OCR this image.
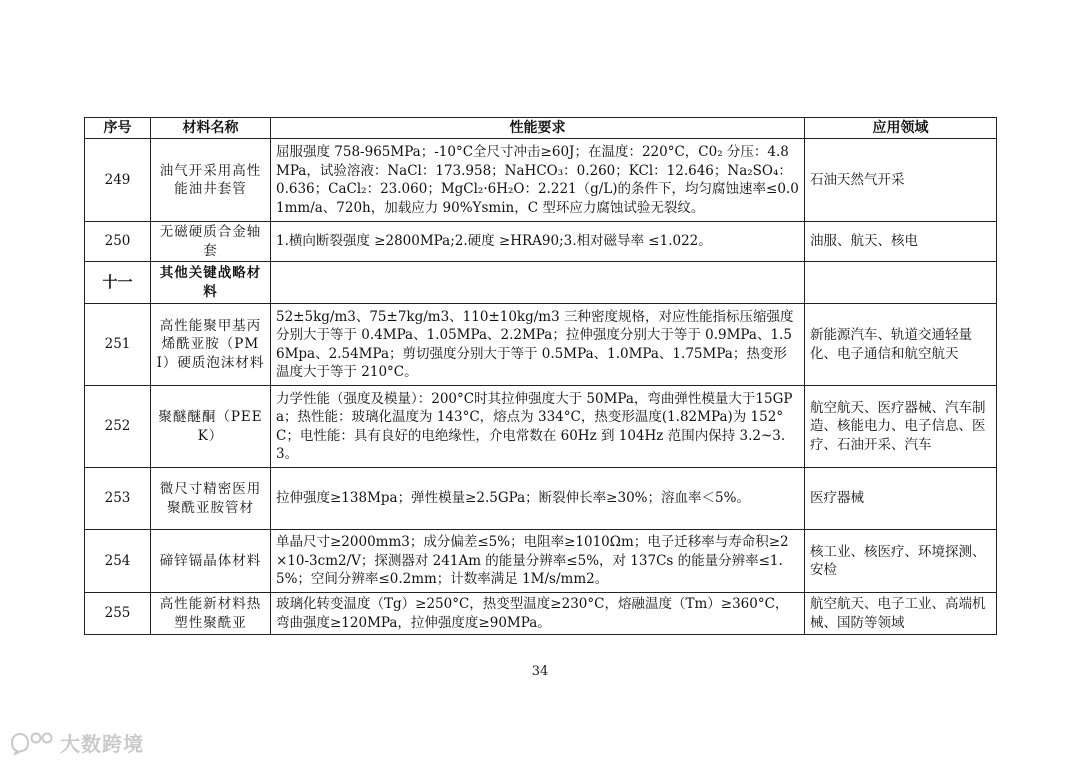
序号	材料名称	性能要求	应用领域
249	油气开采用高性能油井套管	屈服强度 758-965MPa；-10°C全尺寸冲击≥60J；在温度：220°C，C0₂ 分压：4.8MPa，试验溶液：NaCl：173.958；NaHCO₃：0.260；KCl：12.646；Na₂SO₄：0.636；CaCl₂：23.060；MgCl₂·6H₂O：2.221（g/L)的条件下，均匀腐蚀速率≤0.01mm/a、720h，加载应力 90%Ysmin，C 型环应力腐蚀试验无裂纹。	石油天然气开采
250	无磁硬质合金轴套	1.横向断裂强度 ≥2800MPa;2.硬度 ≥HRA90;3.相对磁导率 ≤1.022。	油服、航天、核电
十一	其他关键战略材料		
251	高性能聚甲基丙烯酰亚胺（PMI）硬质泡沫材料	52±5kg/m3、75±7kg/m3、110±10kg/m3 三种密度规格，对应性能指标压缩强度分别大于等于 0.4MPa、1.05MPa、2.2MPa；拉伸强度分别大于等于 0.9MPa、1.56Mpa、2.54MPa；剪切强度分别大于等于 0.5MPa、1.0MPa、1.75MPa；热变形温度大于等于 210°C。	新能源汽车、轨道交通轻量化、电子通信和航空航天
252	聚醚醚酮（PEEK）	力学性能（强度及模量）：200°C时其拉伸强度大于 50MPa，弯曲弹性模量大于15GPa；热性能：玻璃化温度为 143°C，熔点为 334°C，热变形温度(1.82MPa)为 152°C；电性能：具有良好的电绝缘性，介电常数在 60Hz 到 104Hz 范围内保持 3.2~3.3。	航空航天、医疗器械、汽车制造、核能电力、电子信息、医疗、石油开采、汽车
253	微尺寸精密医用聚酰亚胺管材	拉伸强度≥138Mpa；弹性模量≥2.5GPa；断裂伸长率≥30%；溶血率＜5%。	医疗器械
254	碲锌镉晶体材料	单晶尺寸≥2000mm3；成分偏差≤5%；电阻率≥1010Ωm；电子迁移率与寿命积≥2×10-3cm2/V；探测器对 241Am 的能量分辨率≤5%，对 137Cs 的能量分辨率≤1.5%；空间分辨率≤0.2mm；计数率满足 1M/s/mm2。	核工业、核医疗、环境探测、安检
255	高性能新材料热塑性聚酰亚	玻璃化转变温度（Tg）≥250°C，热变型温度≥230°C，熔融温度（Tm）≥360°C，弯曲强度≥120MPa，拉伸强度度≥90MPa。	航空航天、电子工业、高端机械、国防等领域
34
大数跨境
